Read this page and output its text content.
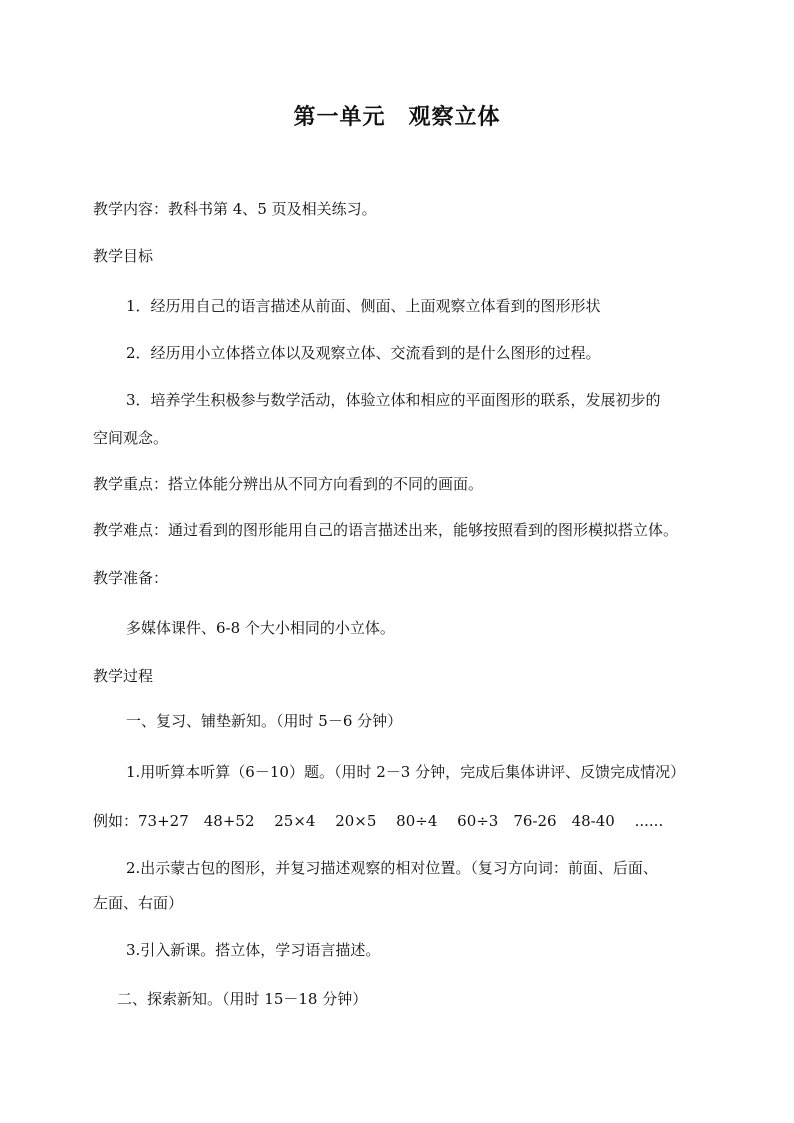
第一单元　观察立体
教学内容：教科书第 4、5 页及相关练习。
教学目标
1．经历用自己的语言描述从前面、侧面、上面观察立体看到的图形形状
2．经历用小立体搭立体以及观察立体、交流看到的是什么图形的过程。
3．培养学生积极参与数学活动，体验立体和相应的平面图形的联系，发展初步的
空间观念。
教学重点：搭立体能分辨出从不同方向看到的不同的画面。
教学难点：通过看到的图形能用自己的语言描述出来，能够按照看到的图形模拟搭立体。
教学准备：
多媒体课件、6-8 个大小相同的小立体。
教学过程
一、复习、铺垫新知。（用时 5－6 分钟）
1.用听算本听算（6－10）题。（用时 2－3 分钟，完成后集体讲评、反馈完成情况）
例如：73+27　48+52　 25×4　 20×5　 80÷4　 60÷3　76-26　48-40　 ......
2.出示蒙古包的图形，并复习描述观察的相对位置。（复习方向词：前面、后面、
左面、右面）
3.引入新课。搭立体，学习语言描述。
二、探索新知。（用时 15－18 分钟）
